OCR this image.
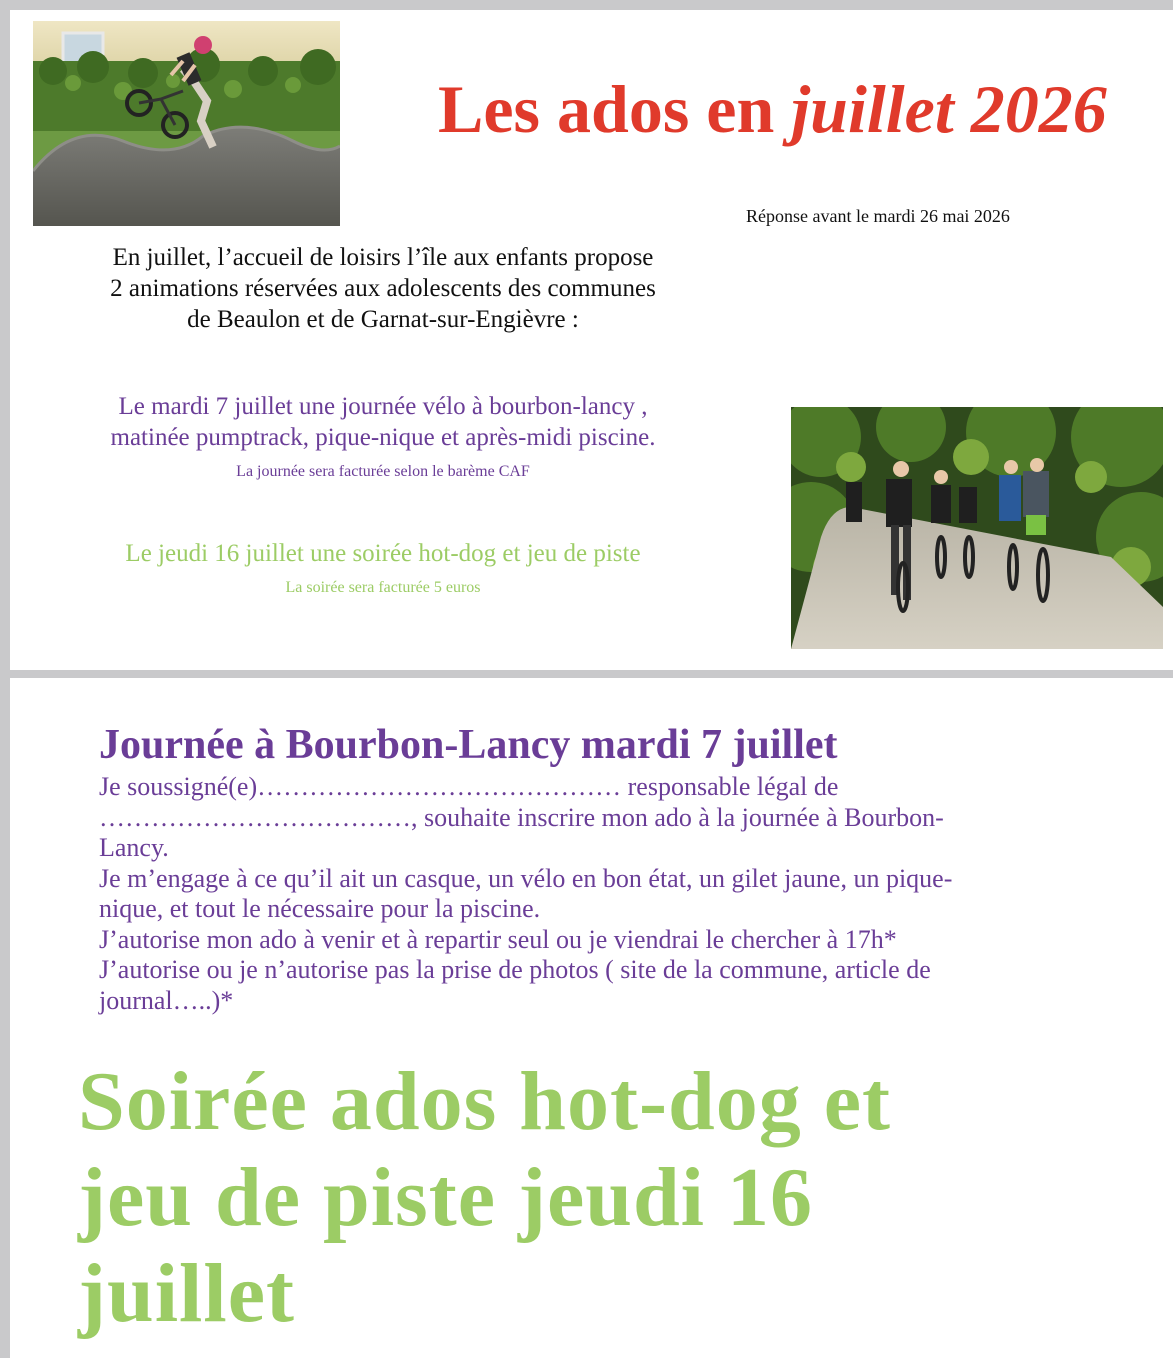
Les ados en juillet 2026
Réponse avant le mardi 26 mai 2026
En juillet, l’accueil de loisirs l’île aux enfants propose
2 animations réservées aux adolescents des communes
de Beaulon et de Garnat-sur-Engièvre :
Le mardi 7 juillet une journée vélo à bourbon-lancy ,
matinée pumptrack, pique-nique et après-midi piscine.
La journée sera facturée selon le barème CAF
Le jeudi 16 juillet une soirée hot-dog et jeu de piste
La soirée sera facturée 5 euros
Journée à Bourbon-Lancy mardi 7 juillet
Je soussigné(e)…………………………………… responsable légal de
………………………………, souhaite inscrire mon ado à la journée à Bourbon-
Lancy.
Je m’engage à ce qu’il ait un casque, un vélo en bon état, un gilet jaune, un pique-
nique, et tout le nécessaire pour la piscine.
J’autorise mon ado à venir et à repartir seul ou je viendrai le chercher à 17h*
J’autorise ou je n’autorise pas la prise de photos ( site de la commune, article de
journal…..)*
Soirée ados hot-dog et
jeu de piste jeudi 16
juillet
